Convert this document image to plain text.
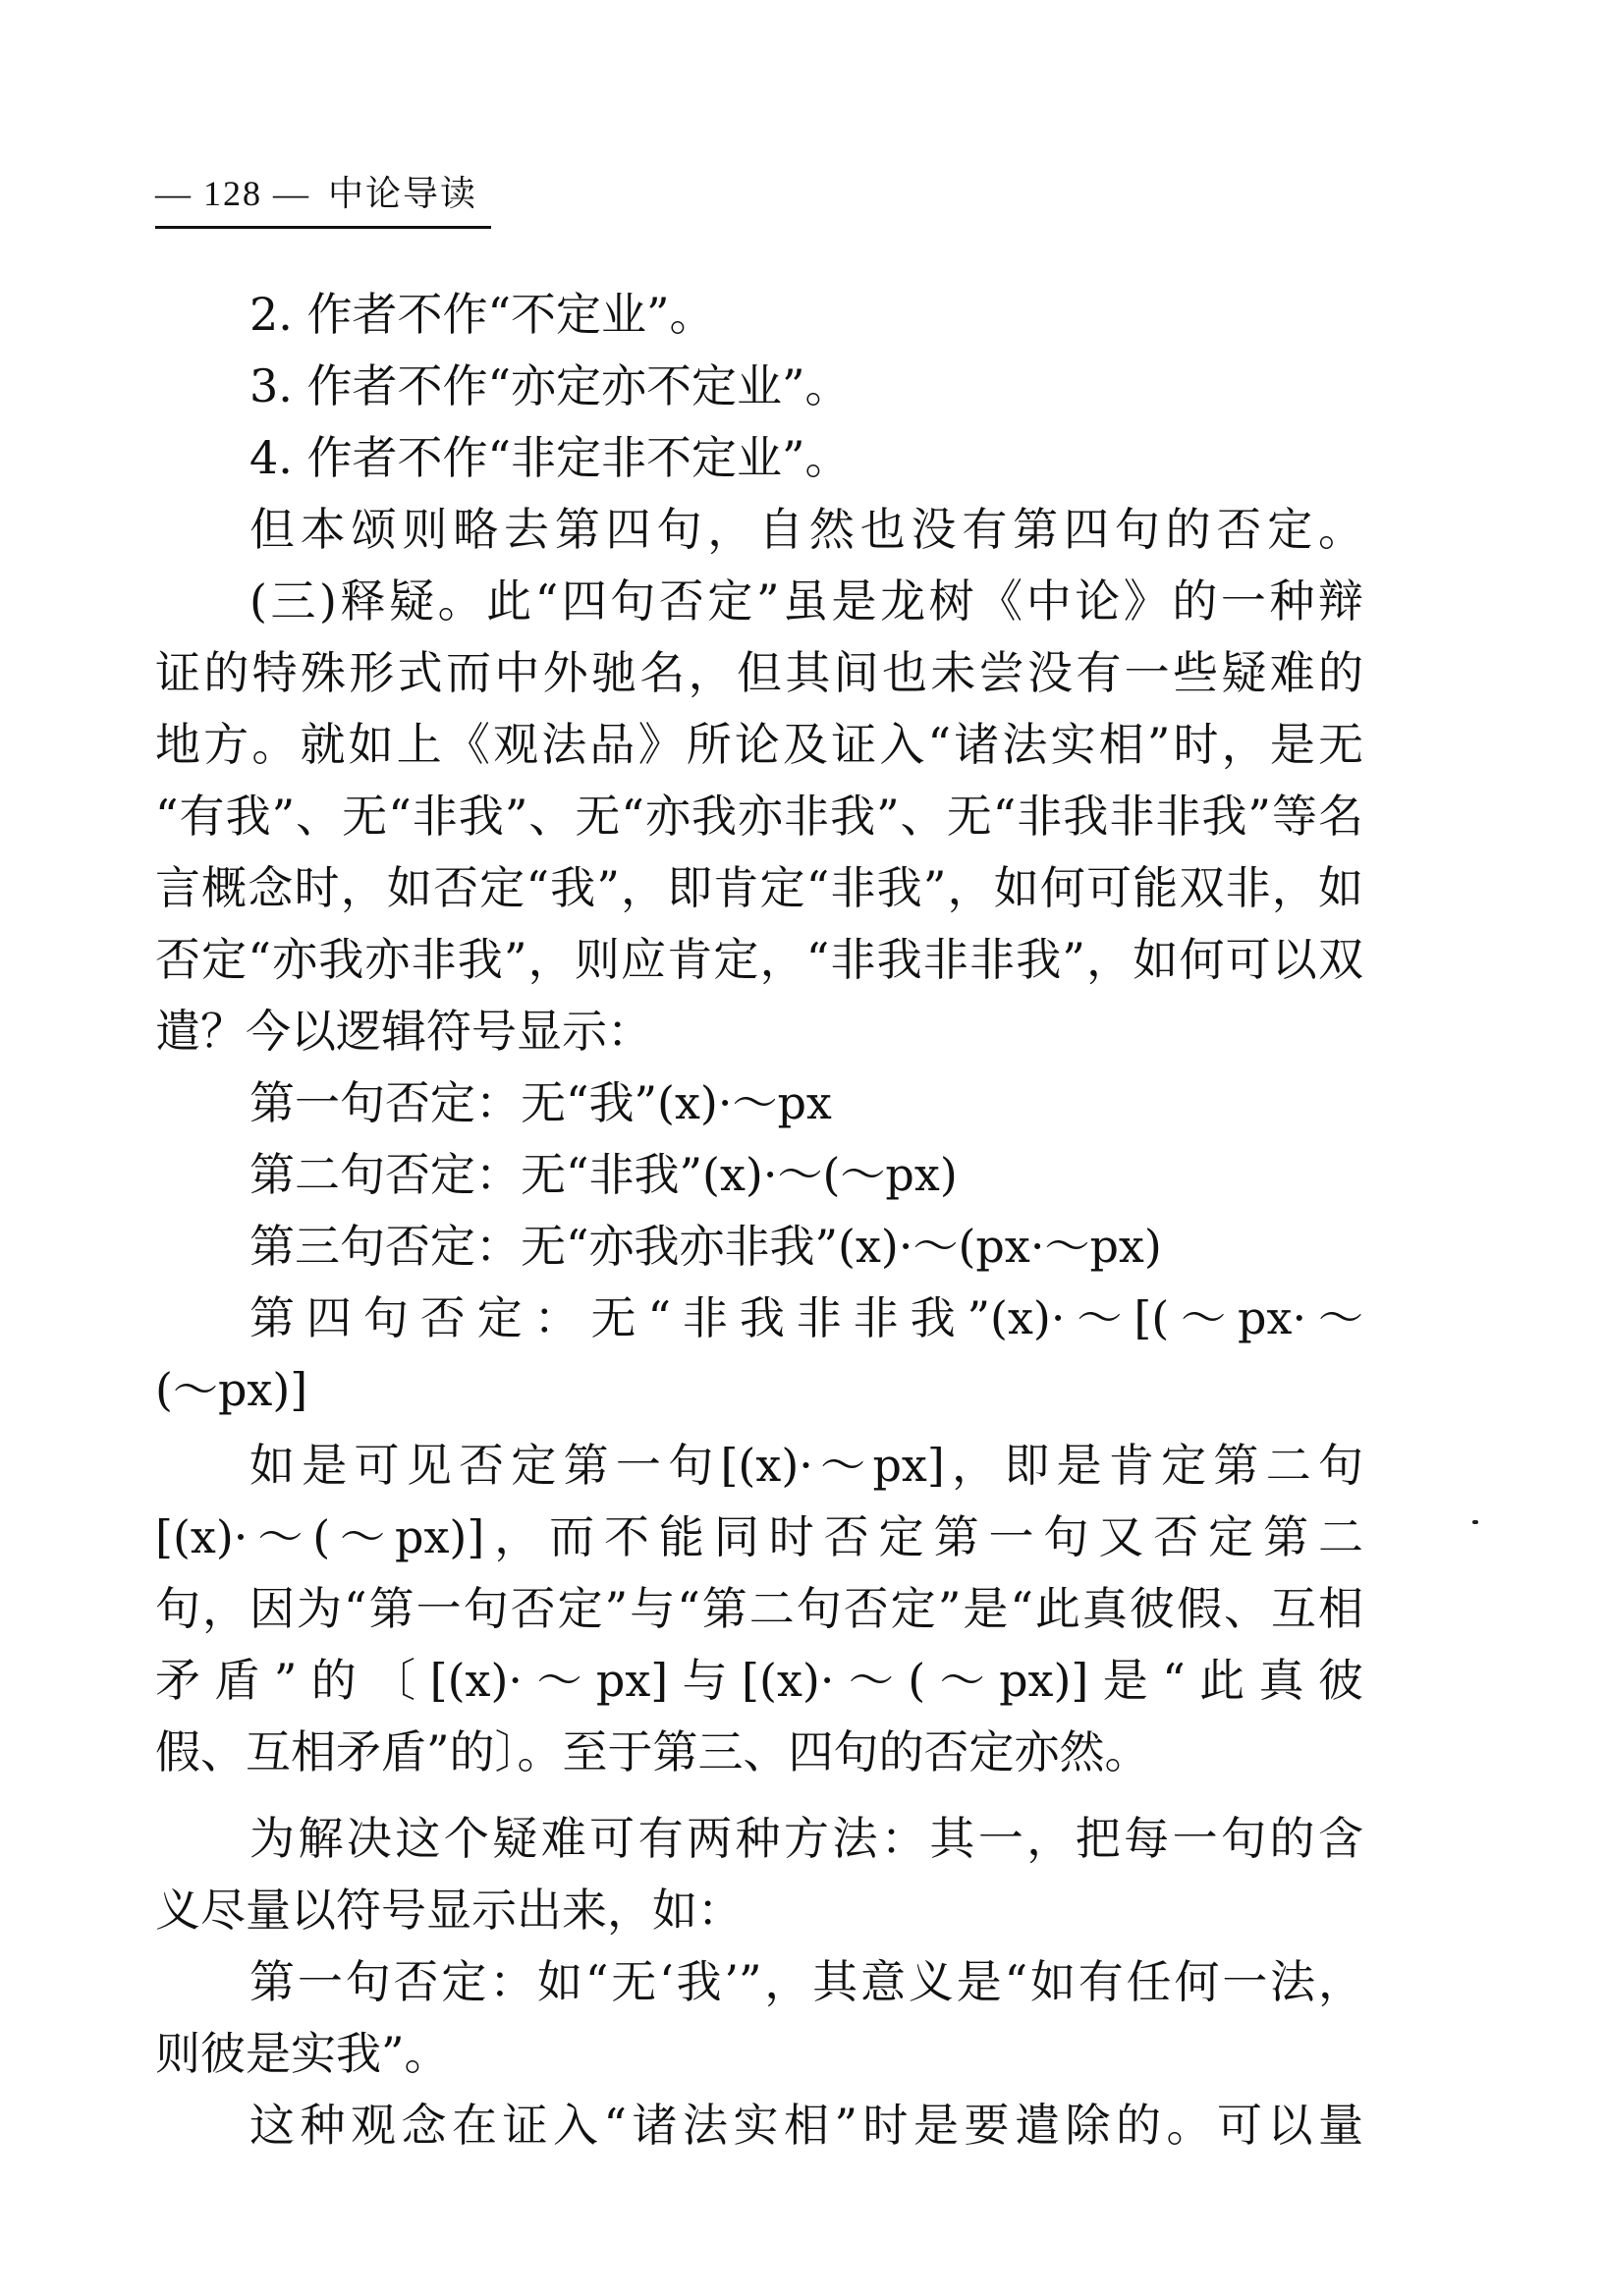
— 128 — 中论导读
2. 作者不作“不定业”。
3. 作者不作“亦定亦不定业”。
4. 作者不作“非定非不定业”。
但本颂则略去第四句，自然也没有第四句的否定。
(三)释疑。此“四句否定”虽是龙树《中论》的一种辩
证的特殊形式而中外驰名，但其间也未尝没有一些疑难的
地方。就如上《观法品》所论及证入“诸法实相”时，是无
“有我”、无“非我”、无“亦我亦非我”、无“非我非非我”等名
言概念时，如否定“我”，即肯定“非我”，如何可能双非，如
否定“亦我亦非我”，则应肯定，“非我非非我”，如何可以双
遣？今以逻辑符号显示：
第一句否定：无“我”(x)·～px
第二句否定：无“非我”(x)·～(～px)
第三句否定：无“亦我亦非我”(x)·～(px·～px)
第四句否定：无“非我非非我”(x)·～[(～px·～
(～px)]
如是可见否定第一句[(x)·～px]，即是肯定第二句
[(x)·～(～px)]，而不能同时否定第一句又否定第二
句，因为“第一句否定”与“第二句否定”是“此真彼假、互相
矛盾”的〔[(x)·～px]与[(x)·～(～px)]是“此真彼
假、互相矛盾”的〕。至于第三、四句的否定亦然。
为解决这个疑难可有两种方法：其一，把每一句的含
义尽量以符号显示出来，如：
第一句否定：如“无‘我’”，其意义是“如有任何一法，
则彼是实我”。
这种观念在证入“诸法实相”时是要遣除的。可以量
